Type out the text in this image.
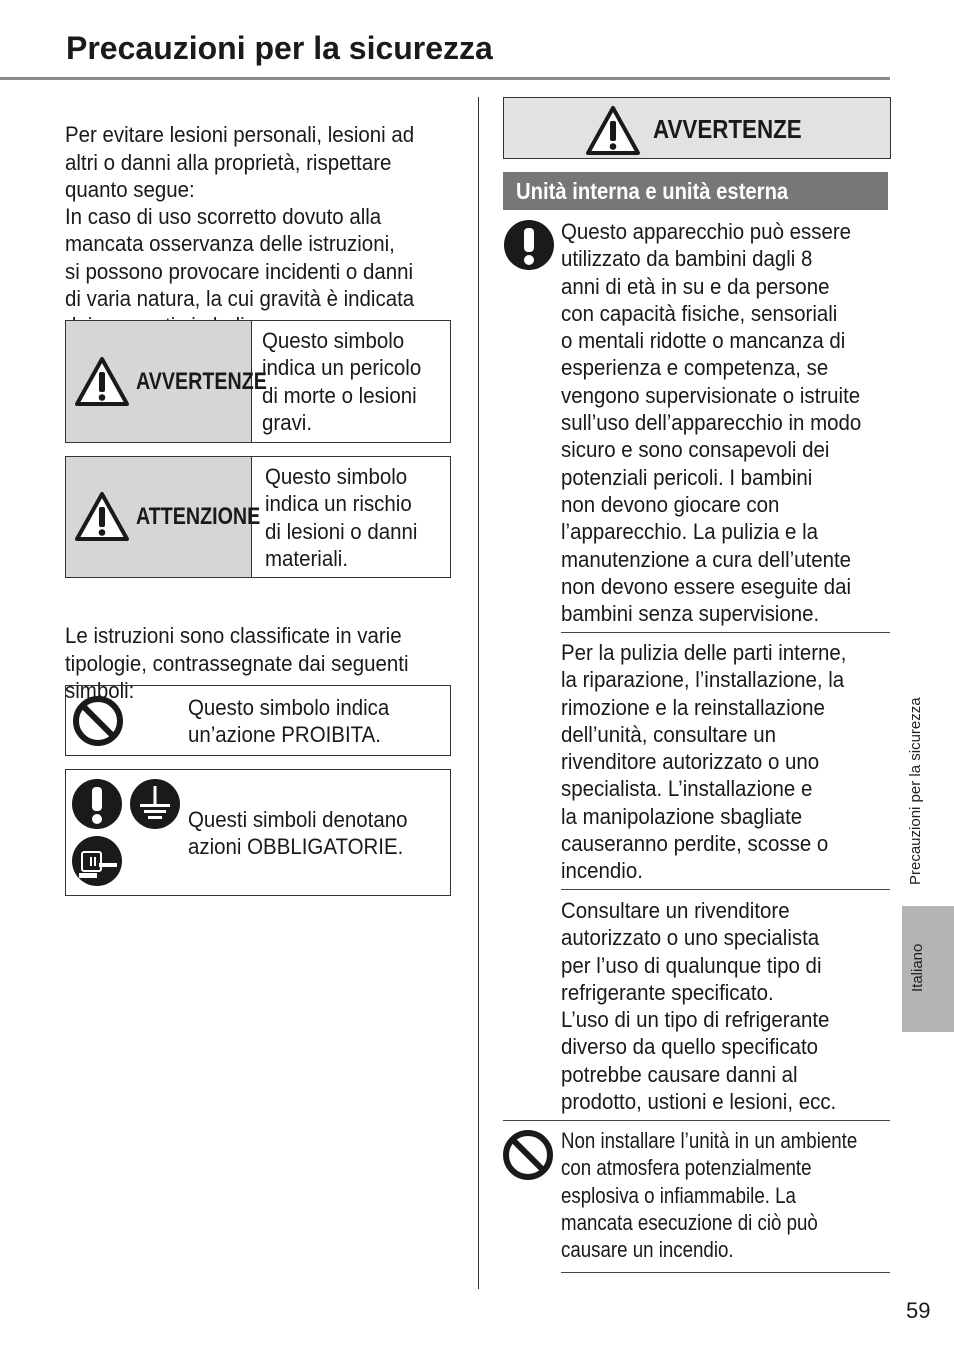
Precauzioni per la sicurezza

Per evitare lesioni personali, lesioni ad
altri o danni alla proprietà, rispettare
quanto segue:
In caso di uso scorretto dovuto alla
mancata osservanza delle istruzioni,
si possono provocare incidenti o danni
di varia natura, la cui gravità è indicata

AVVERTENZE
Questo simbolo
indica un pericolo
di morte o lesioni
gravi.
ATTENZIONE
Questo simbolo
indica un rischio
di lesioni o danni
materiali.

Le istruzioni sono classificate in varie
tipologie, contrassegnate dai seguenti
simboli:

Questo simbolo indica
un’azione PROIBITA.
Questi simboli denotano
azioni OBBLIGATORIE.
AVVERTENZE
Unità interna e unità esterna
Questo apparecchio può essere
utilizzato da bambini dagli 8
anni di età in su e da persone
con capacità fisiche, sensoriali
o mentali ridotte o mancanza di
esperienza e competenza, se
vengono supervisionate o istruite
sull’uso dell’apparecchio in modo
sicuro e sono consapevoli dei
potenziali pericoli. I bambini
non devono giocare con
l’apparecchio. La pulizia e la
manutenzione a cura dell’utente
non devono essere eseguite dai
bambini senza supervisione.
Per la pulizia delle parti interne,
la riparazione, l’installazione, la
rimozione e la reinstallazione
dell’unità, consultare un
rivenditore autorizzato o uno
specialista. L’installazione e
la manipolazione sbagliate
causeranno perdite, scosse o
incendio.
Consultare un rivenditore
autorizzato o uno specialista
per l’uso di qualunque tipo di
refrigerante specificato.
L’uso di un tipo di refrigerante
diverso da quello specificato
potrebbe causare danni al
prodotto, ustioni e lesioni, ecc.
Non installare l’unità in un ambiente
con atmosfera potenzialmente
esplosiva o infiammabile. La
mancata esecuzione di ciò può
causare un incendio.
Precauzioni per la sicurezza
Italiano
59
